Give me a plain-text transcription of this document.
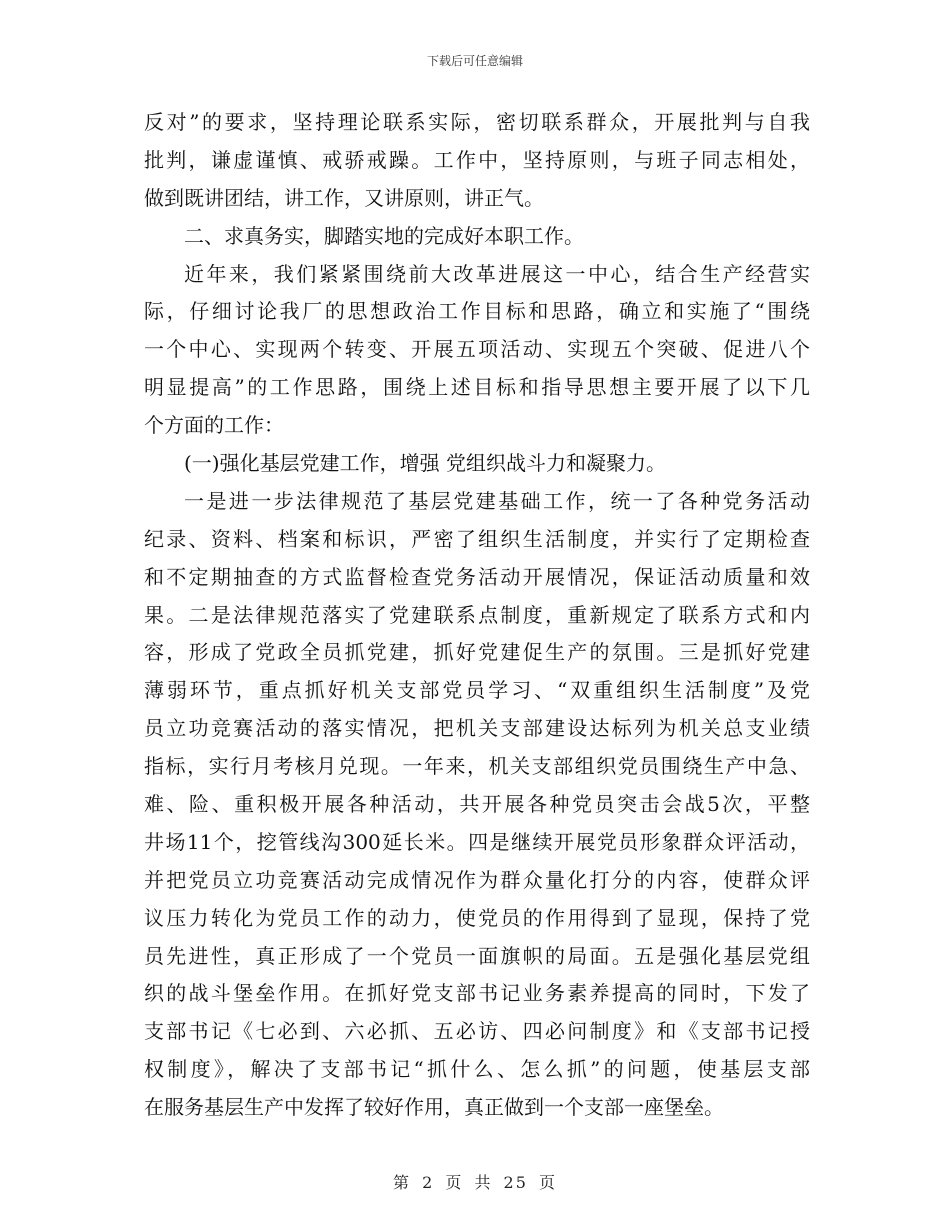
下载后可任意编辑
反对”的要求，坚持理论联系实际，密切联系群众，开展批判与自我
批判，谦虚谨慎、戒骄戒躁。工作中，坚持原则，与班子同志相处，
做到既讲团结，讲工作，又讲原则，讲正气。
二、求真务实，脚踏实地的完成好本职工作。
近年来，我们紧紧围绕前大改革进展这一中心，结合生产经营实
际，仔细讨论我厂的思想政治工作目标和思路，确立和实施了“围绕
一个中心、实现两个转变、开展五项活动、实现五个突破、促进八个
明显提高”的工作思路，围绕上述目标和指导思想主要开展了以下几
个方面的工作：
(一)强化基层党建工作，增强 党组织战斗力和凝聚力。
一是进一步法律规范了基层党建基础工作，统一了各种党务活动
纪录、资料、档案和标识，严密了组织生活制度，并实行了定期检查
和不定期抽查的方式监督检查党务活动开展情况，保证活动质量和效
果。二是法律规范落实了党建联系点制度，重新规定了联系方式和内
容，形成了党政全员抓党建，抓好党建促生产的氛围。三是抓好党建
薄弱环节，重点抓好机关支部党员学习、“双重组织生活制度”及党
员立功竞赛活动的落实情况，把机关支部建设达标列为机关总支业绩
指标，实行月考核月兑现。一年来，机关支部组织党员围绕生产中急、
难、险、重积极开展各种活动，共开展各种党员突击会战5次，平整
井场11个，挖管线沟300延长米。四是继续开展党员形象群众评活动，
并把党员立功竞赛活动完成情况作为群众量化打分的内容，使群众评
议压力转化为党员工作的动力，使党员的作用得到了显现，保持了党
员先进性，真正形成了一个党员一面旗帜的局面。五是强化基层党组
织的战斗堡垒作用。在抓好党支部书记业务素养提高的同时，下发了
支部书记《七必到、六必抓、五必访、四必问制度》和《支部书记授
权制度》，解决了支部书记“抓什么、怎么抓”的问题，使基层支部
在服务基层生产中发挥了较好作用，真正做到一个支部一座堡垒。
第 2 页 共 25 页
